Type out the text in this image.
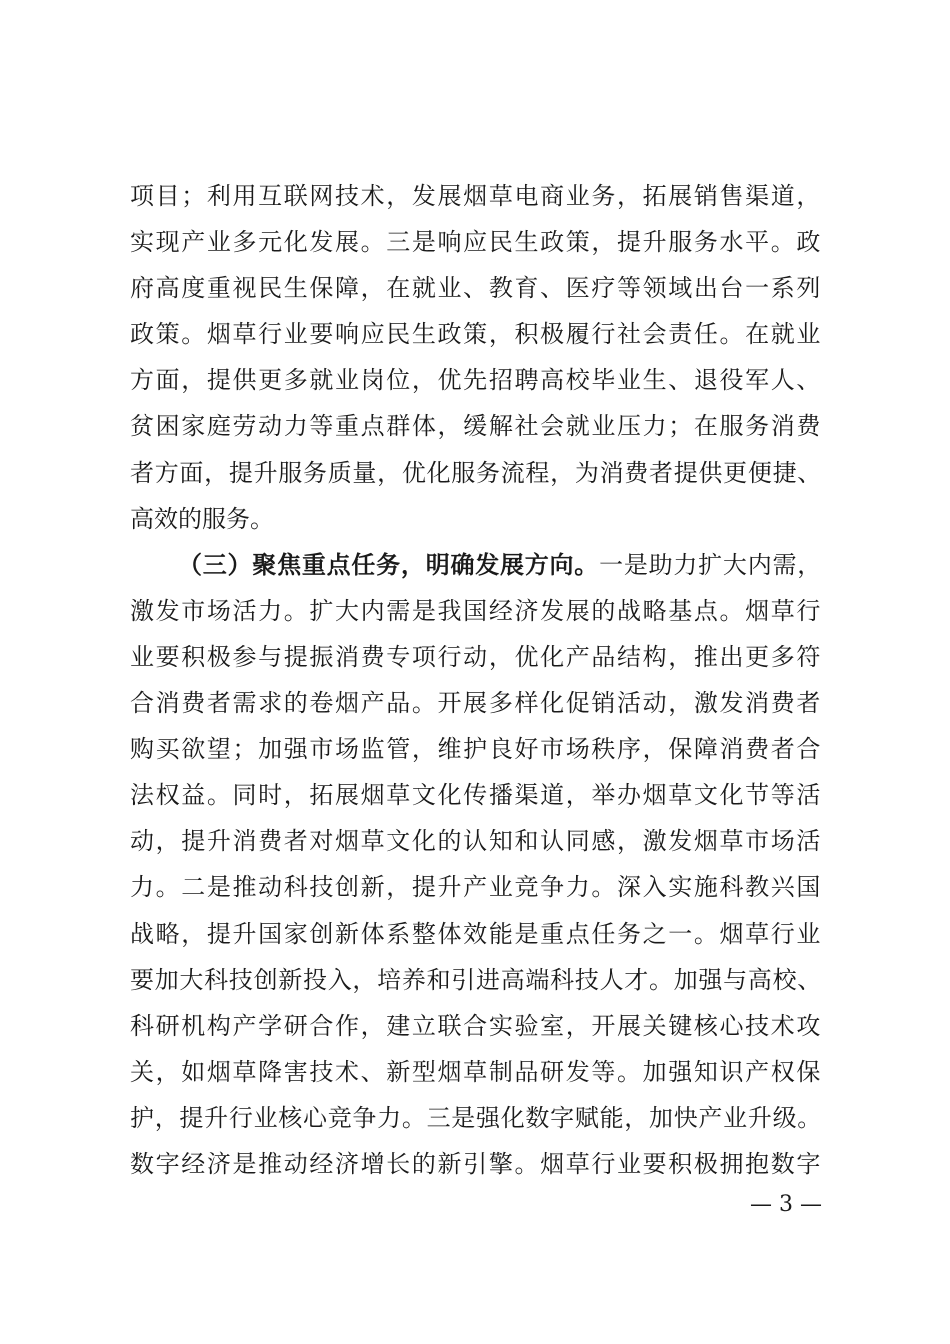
项目；利用互联网技术，发展烟草电商业务，拓展销售渠道，
实现产业多元化发展。三是响应民生政策，提升服务水平。政
府高度重视民生保障，在就业、教育、医疗等领域出台一系列
政策。烟草行业要响应民生政策，积极履行社会责任。在就业
方面，提供更多就业岗位，优先招聘高校毕业生、退役军人、
贫困家庭劳动力等重点群体，缓解社会就业压力；在服务消费
者方面，提升服务质量，优化服务流程，为消费者提供更便捷、
高效的服务。
（三）聚焦重点任务，明确发展方向。一是助力扩大内需，
激发市场活力。扩大内需是我国经济发展的战略基点。烟草行
业要积极参与提振消费专项行动，优化产品结构，推出更多符
合消费者需求的卷烟产品。开展多样化促销活动，激发消费者
购买欲望；加强市场监管，维护良好市场秩序，保障消费者合
法权益。同时，拓展烟草文化传播渠道，举办烟草文化节等活
动，提升消费者对烟草文化的认知和认同感，激发烟草市场活
力。二是推动科技创新，提升产业竞争力。深入实施科教兴国
战略，提升国家创新体系整体效能是重点任务之一。烟草行业
要加大科技创新投入，培养和引进高端科技人才。加强与高校、
科研机构产学研合作，建立联合实验室，开展关键核心技术攻
关，如烟草降害技术、新型烟草制品研发等。加强知识产权保
护，提升行业核心竞争力。三是强化数字赋能，加快产业升级。
数字经济是推动经济增长的新引擎。烟草行业要积极拥抱数字
— 3 —
